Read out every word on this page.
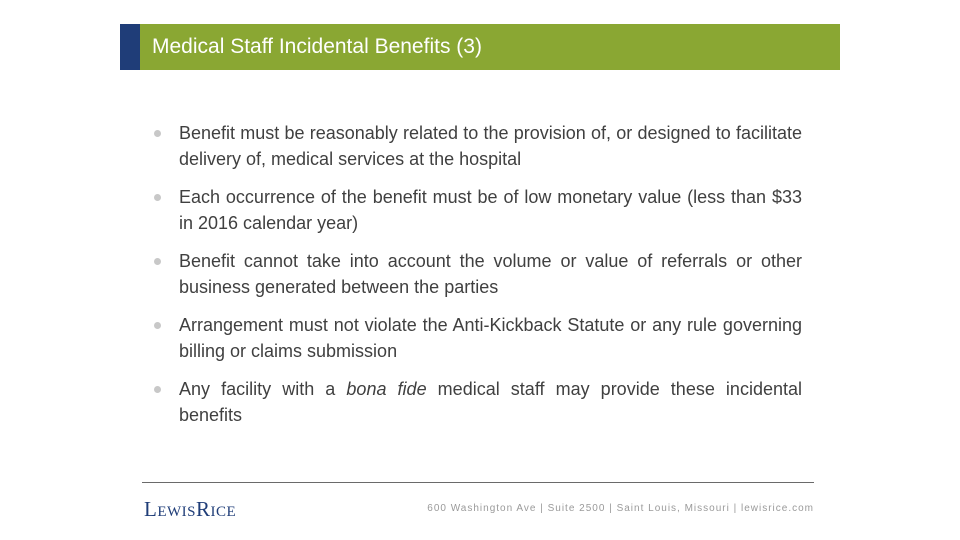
Medical Staff Incidental Benefits (3)
Benefit must be reasonably related to the provision of, or designed to facilitate delivery of, medical services at the hospital
Each occurrence of the benefit must be of low monetary value (less than $33 in 2016 calendar year)
Benefit cannot take into account the volume or value of referrals or other business generated between the parties
Arrangement must not violate the Anti-Kickback Statute or any rule governing billing or claims submission
Any facility with a bona fide medical staff may provide these incidental benefits
LEWISRICE	600 Washington Ave | Suite 2500 | Saint Louis, Missouri | lewisrice.com
